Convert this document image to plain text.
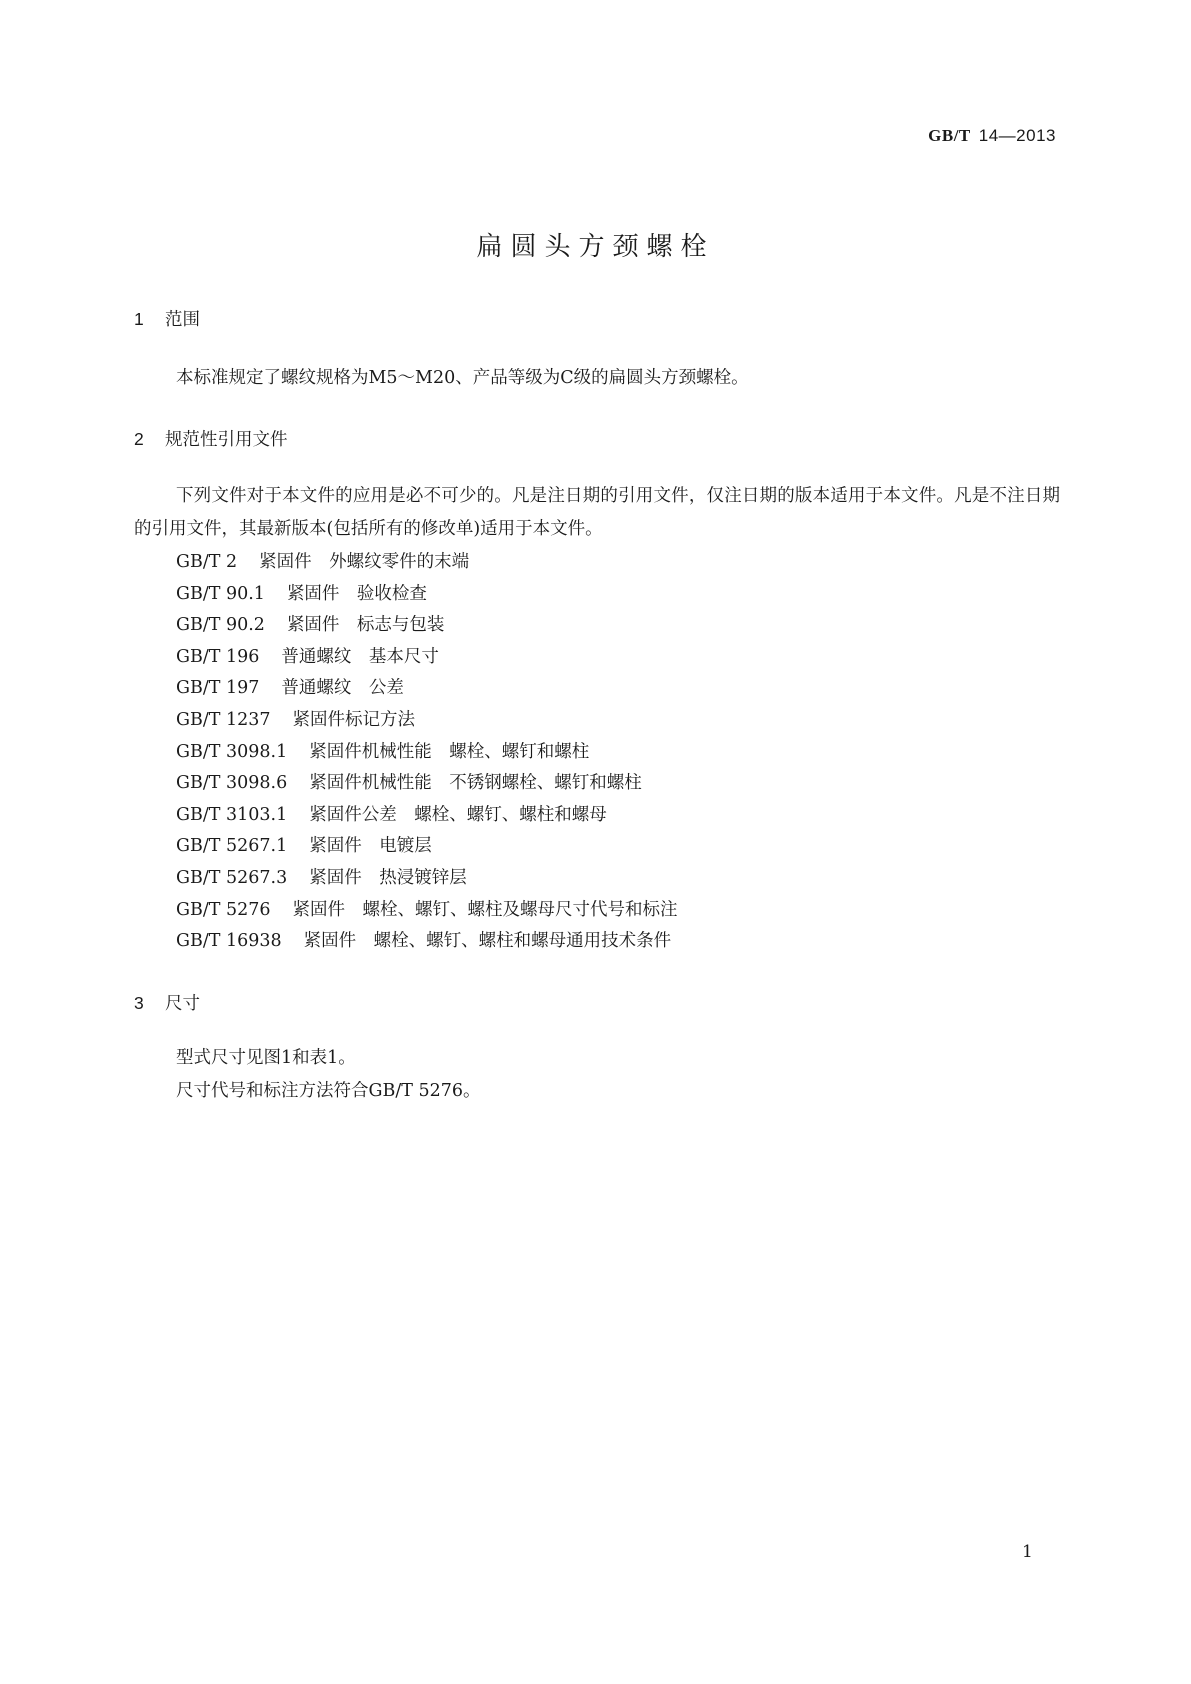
GB/T 14—2013
扁圆头方颈螺栓
1 范围

本标准规定了螺纹规格为M5～M20、产品等级为C级的扁圆头方颈螺栓。

2 规范性引用文件

下列文件对于本文件的应用是必不可少的。凡是注日期的引用文件，仅注日期的版本适用于本文件。凡是不注日期的引用文件，其最新版本(包括所有的修改单)适用于本文件。

GB/T 2 紧固件　外螺纹零件的末端
GB/T 90.1 紧固件　验收检查
GB/T 90.2 紧固件　标志与包装
GB/T 196 普通螺纹　基本尺寸
GB/T 197 普通螺纹　公差
GB/T 1237 紧固件标记方法
GB/T 3098.1 紧固件机械性能　螺栓、螺钉和螺柱
GB/T 3098.6 紧固件机械性能　不锈钢螺栓、螺钉和螺柱
GB/T 3103.1 紧固件公差　螺栓、螺钉、螺柱和螺母
GB/T 5267.1 紧固件　电镀层
GB/T 5267.3 紧固件　热浸镀锌层
GB/T 5276 紧固件　螺栓、螺钉、螺柱及螺母尺寸代号和标注
GB/T 16938 紧固件　螺栓、螺钉、螺柱和螺母通用技术条件
3 尺寸

型式尺寸见图1和表1。

尺寸代号和标注方法符合GB/T 5276。

1
